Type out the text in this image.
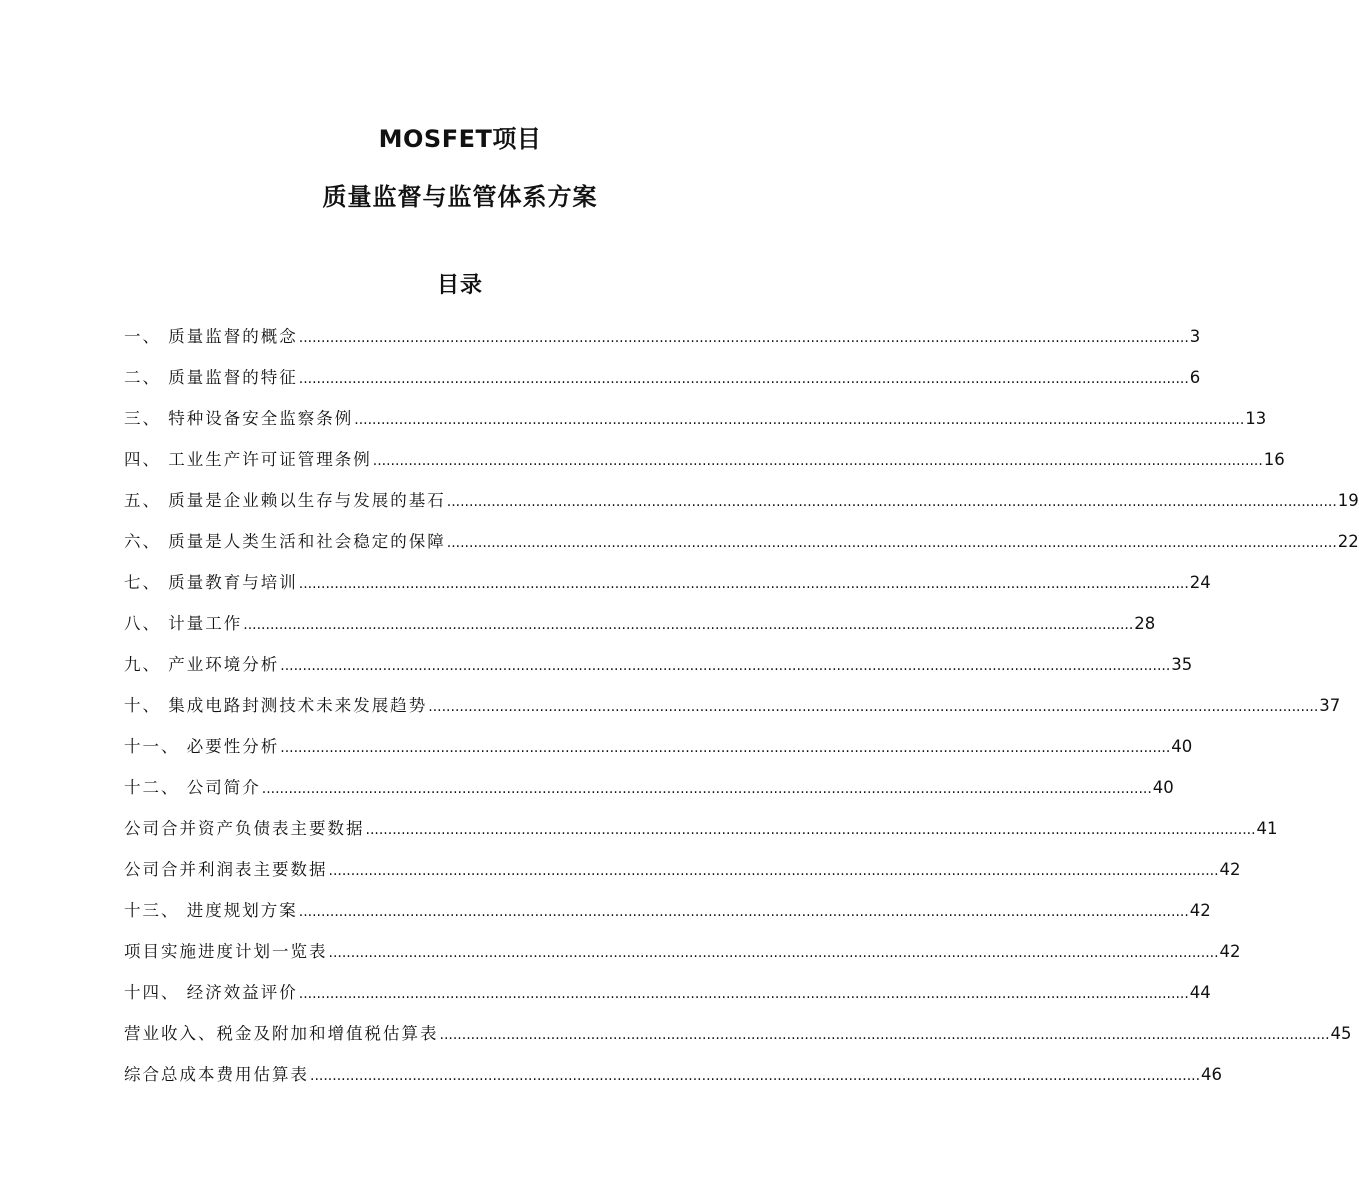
MOSFET项目
质量监督与监管体系方案
目录
一、 质量监督的概念 ........................................................................................................................................................................................................ 3
二、 质量监督的特征 ........................................................................................................................................................................................................ 6
三、 特种设备安全监察条例 ........................................................................................................................................................................................................ 13
四、 工业生产许可证管理条例 ........................................................................................................................................................................................................ 16
五、 质量是企业赖以生存与发展的基石 ........................................................................................................................................................................................................ 19
六、 质量是人类生活和社会稳定的保障 ........................................................................................................................................................................................................ 22
七、 质量教育与培训 ........................................................................................................................................................................................................ 24
八、 计量工作 ........................................................................................................................................................................................................ 28
九、 产业环境分析 ........................................................................................................................................................................................................ 35
十、 集成电路封测技术未来发展趋势 ........................................................................................................................................................................................................ 37
十一、 必要性分析 ........................................................................................................................................................................................................ 40
十二、 公司简介 ........................................................................................................................................................................................................ 40
公司合并资产负债表主要数据 ........................................................................................................................................................................................................ 41
公司合并利润表主要数据 ........................................................................................................................................................................................................ 42
十三、 进度规划方案 ........................................................................................................................................................................................................ 42
项目实施进度计划一览表 ........................................................................................................................................................................................................ 42
十四、 经济效益评价 ........................................................................................................................................................................................................ 44
营业收入、税金及附加和增值税估算表 ........................................................................................................................................................................................................ 45
综合总成本费用估算表 ........................................................................................................................................................................................................ 46
